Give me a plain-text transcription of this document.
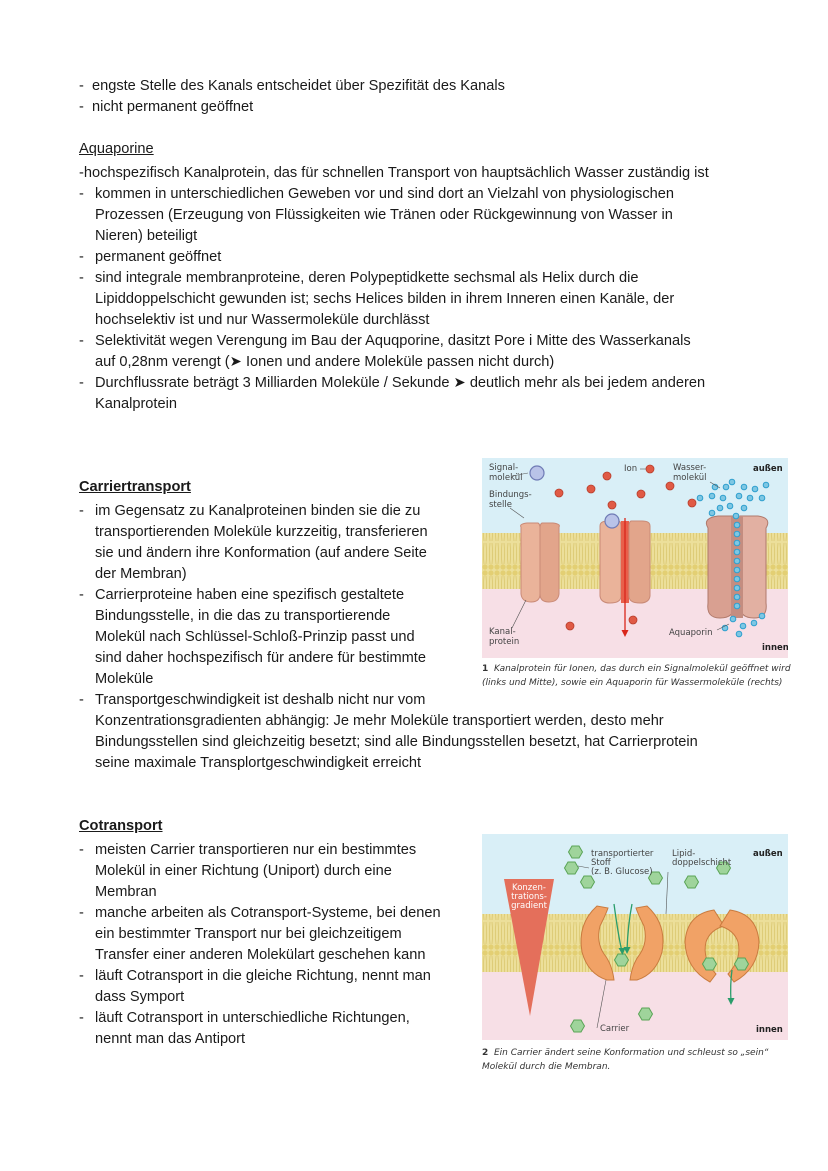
-  engste Stelle des Kanals entscheidet über Spezifität des Kanals
-  nicht permanent geöffnet
Aquaporine
-hochspezifisch Kanalprotein, das für schnellen Transport von hauptsächlich Wasser zuständig ist
- kommen in unterschiedlichen Geweben vor und sind dort an Vielzahl von physiologischen
Prozessen (Erzeugung von Flüssigkeiten wie Tränen oder Rückgewinnung von Wasser in
Nieren) beteiligt
- permanent geöffnet
- sind integrale membranproteine, deren Polypeptidkette sechsmal als Helix durch die
Lipiddoppelschicht gewunden ist; sechs Helices bilden in ihrem Inneren einen Kanäle, der
hochselektiv ist und nur Wassermoleküle durchlässt
- Selektivität wegen Verengung im Bau der Aquqporine, dasitzt Pore i Mitte des Wasserkanals
auf 0,28nm verengt (➤ Ionen und andere Moleküle passen nicht durch)
- Durchflussrate beträgt 3 Milliarden Moleküle / Sekunde ➤ deutlich mehr als bei jedem anderen
Kanalprotein
Carriertransport
- im Gegensatz zu Kanalproteinen binden sie die zu
transportierenden Moleküle kurzzeitig, transferieren
sie und ändern ihre Konformation (auf andere Seite
der Membran)
- Carrierproteine haben eine spezifisch gestaltete
Bindungsstelle, in die das zu transportierende
Molekül nach Schlüssel-Schloß-Prinzip passt und
sind daher hochspezifisch für andere für bestimmte
Moleküle
- Transportgeschwindigkeit ist deshalb nicht nur vom
Konzentrationsgradienten abhängig: Je mehr Moleküle transportiert werden, desto mehr
Bindungsstellen sind gleichzeitig besetzt; sind alle Bindungsstellen besetzt, hat Carrierprotein
seine maximale Transplortgeschwindigkeit erreicht
Signal-
molekül
Bindungs-
stelle
Ion	Wasser-
molekül
außen
Kanal-
protein
Aquaporin
innen
1 Kanalprotein für Ionen, das durch ein Signalmolekül geöffnet wird
(links und Mitte), sowie ein Aquaporin für Wassermoleküle (rechts)
Cotransport
- meisten Carrier transportieren nur ein bestimmtes
Molekül in einer Richtung (Uniport) durch eine
Membran
- manche arbeiten als Cotransport-Systeme, bei denen
ein bestimmter Transport nur bei gleichzeitigem
Transfer einer anderen Molekülart geschehen kann
- läuft Cotransport in die gleiche Richtung, nennt man
dass Symport
- läuft Cotransport in unterschiedliche Richtungen,
nennt man das Antiport
transportierter
Stoff
(z. B. Glucose)
Lipid-
doppelschicht
außen
Carrier	innen
Konzen-
trations-
gradient
2 Ein Carrier ändert seine Konformation und schleust so „sein“
Molekül durch die Membran.
